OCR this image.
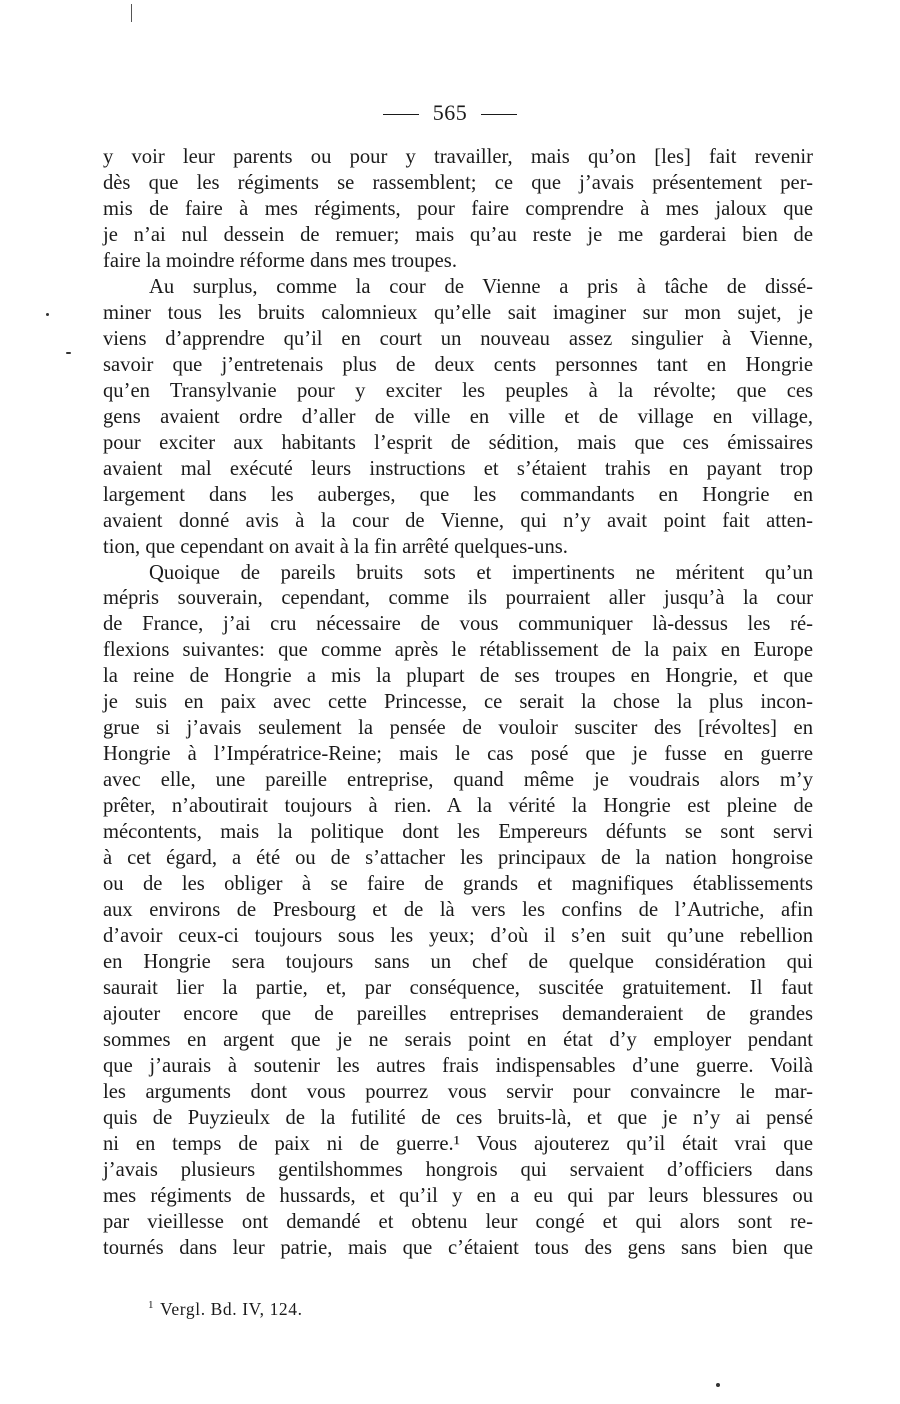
565
y voir leur parents ou pour y travailler, mais qu’on [les] fait revenir
dès que les régiments se rassemblent; ce que j’avais présentement per-
mis de faire à mes régiments, pour faire comprendre à mes jaloux que
je n’ai nul dessein de remuer; mais qu’au reste je me garderai bien de
faire la moindre réforme dans mes troupes.
Au surplus, comme la cour de Vienne a pris à tâche de dissé-
miner tous les bruits calomnieux qu’elle sait imaginer sur mon sujet, je
viens d’apprendre qu’il en court un nouveau assez singulier à Vienne,
savoir que j’entretenais plus de deux cents personnes tant en Hongrie
qu’en Transylvanie pour y exciter les peuples à la révolte; que ces
gens avaient ordre d’aller de ville en ville et de village en village,
pour exciter aux habitants l’esprit de sédition, mais que ces émissaires
avaient mal exécuté leurs instructions et s’étaient trahis en payant trop
largement dans les auberges, que les commandants en Hongrie en
avaient donné avis à la cour de Vienne, qui n’y avait point fait atten-
tion, que cependant on avait à la fin arrêté quelques-uns.
Quoique de pareils bruits sots et impertinents ne méritent qu’un
mépris souverain, cependant, comme ils pourraient aller jusqu’à la cour
de France, j’ai cru nécessaire de vous communiquer là-dessus les ré-
flexions suivantes: que comme après le rétablissement de la paix en Europe
la reine de Hongrie a mis la plupart de ses troupes en Hongrie, et que
je suis en paix avec cette Princesse, ce serait la chose la plus incon-
grue si j’avais seulement la pensée de vouloir susciter des [révoltes] en
Hongrie à l’Impératrice-Reine; mais le cas posé que je fusse en guerre
avec elle, une pareille entreprise, quand même je voudrais alors m’y
prêter, n’aboutirait toujours à rien. A la vérité la Hongrie est pleine de
mécontents, mais la politique dont les Empereurs défunts se sont servi
à cet égard, a été ou de s’attacher les principaux de la nation hongroise
ou de les obliger à se faire de grands et magnifiques établissements
aux environs de Presbourg et de là vers les confins de l’Autriche, afin
d’avoir ceux-ci toujours sous les yeux; d’où il s’en suit qu’une rebellion
en Hongrie sera toujours sans un chef de quelque considération qui
saurait lier la partie, et, par conséquence, suscitée gratuitement. Il faut
ajouter encore que de pareilles entreprises demanderaient de grandes
sommes en argent que je ne serais point en état d’y employer pendant
que j’aurais à soutenir les autres frais indispensables d’une guerre. Voilà
les arguments dont vous pourrez vous servir pour convaincre le mar-
quis de Puyzieulx de la futilité de ces bruits-là, et que je n’y ai pensé
ni en temps de paix ni de guerre.¹ Vous ajouterez qu’il était vrai que
j’avais plusieurs gentilshommes hongrois qui servaient d’officiers dans
mes régiments de hussards, et qu’il y en a eu qui par leurs blessures ou
par vieillesse ont demandé et obtenu leur congé et qui alors sont re-
tournés dans leur patrie, mais que c’étaient tous des gens sans bien que
$^1$ Vergl. Bd. IV, 124.
